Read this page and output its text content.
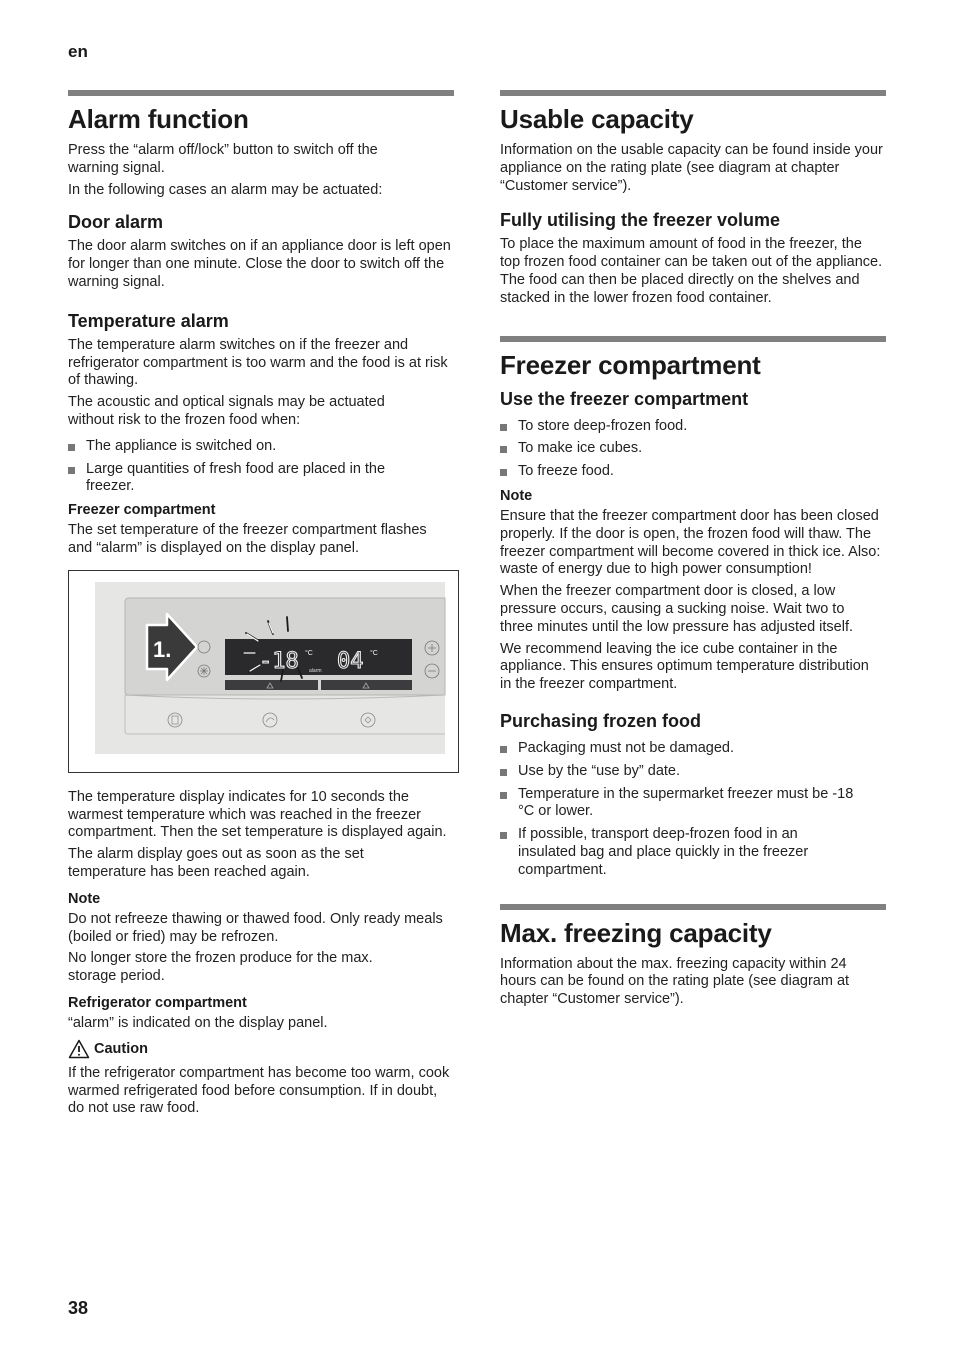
en
Alarm function

Press the “alarm off/lock” button to switch off the warning signal.

In the following cases an alarm may be actuated:

Door alarm

The door alarm switches on if an appliance door is left open for longer than one minute. Close the door to switch off the warning signal.

Temperature alarm

The temperature alarm switches on if the freezer and refrigerator compartment is too warm and the food is at risk of thawing.

The acoustic and optical signals may be actuated without risk to the frozen food when:

The appliance is switched on.
Large quantities of fresh food are placed in the freezer.
Freezer compartment

The set temperature of the freezer compartment flashes and “alarm” is displayed on the display panel.

-18 °C
alarm 04 °C
1.

The temperature display indicates for 10 seconds the warmest temperature which was reached in the freezer compartment. Then the set temperature is displayed again.

The alarm display goes out as soon as the set temperature has been reached again.

Note

Do not refreeze thawing or thawed food. Only ready meals (boiled or fried) may be refrozen.

No longer store the frozen produce for the max. storage period.

Refrigerator compartment

“alarm” is indicated on the display panel.

Caution

If the refrigerator compartment has become too warm, cook warmed refrigerated food before consumption. If in doubt, do not use raw food.

Usable capacity

Information on the usable capacity can be found inside your appliance on the rating plate (see diagram at chapter “Customer service”).

Fully utilising the freezer volume

To place the maximum amount of food in the freezer, the top frozen food container can be taken out of the appliance. The food can then be placed directly on the shelves and stacked in the lower frozen food container.

Freezer compartment
Use the freezer compartment
To store deep-frozen food.
To make ice cubes.
To freeze food.
Note

Ensure that the freezer compartment door has been closed properly. If the door is open, the frozen food will thaw. The freezer compartment will become covered in thick ice. Also: waste of energy due to high power consumption!

When the freezer compartment door is closed, a low pressure occurs, causing a sucking noise. Wait two to three minutes until the low pressure has adjusted itself.

We recommend leaving the ice cube container in the appliance. This ensures optimum temperature distribution in the freezer compartment.

Purchasing frozen food
Packaging must not be damaged.
Use by the “use by” date.
Temperature in the supermarket freezer must be -18 °C or lower.
If possible, transport deep-frozen food in an insulated bag and place quickly in the freezer compartment.
Max. freezing capacity

Information about the max. freezing capacity within 24 hours can be found on the rating plate (see diagram at chapter “Customer service”).

38
